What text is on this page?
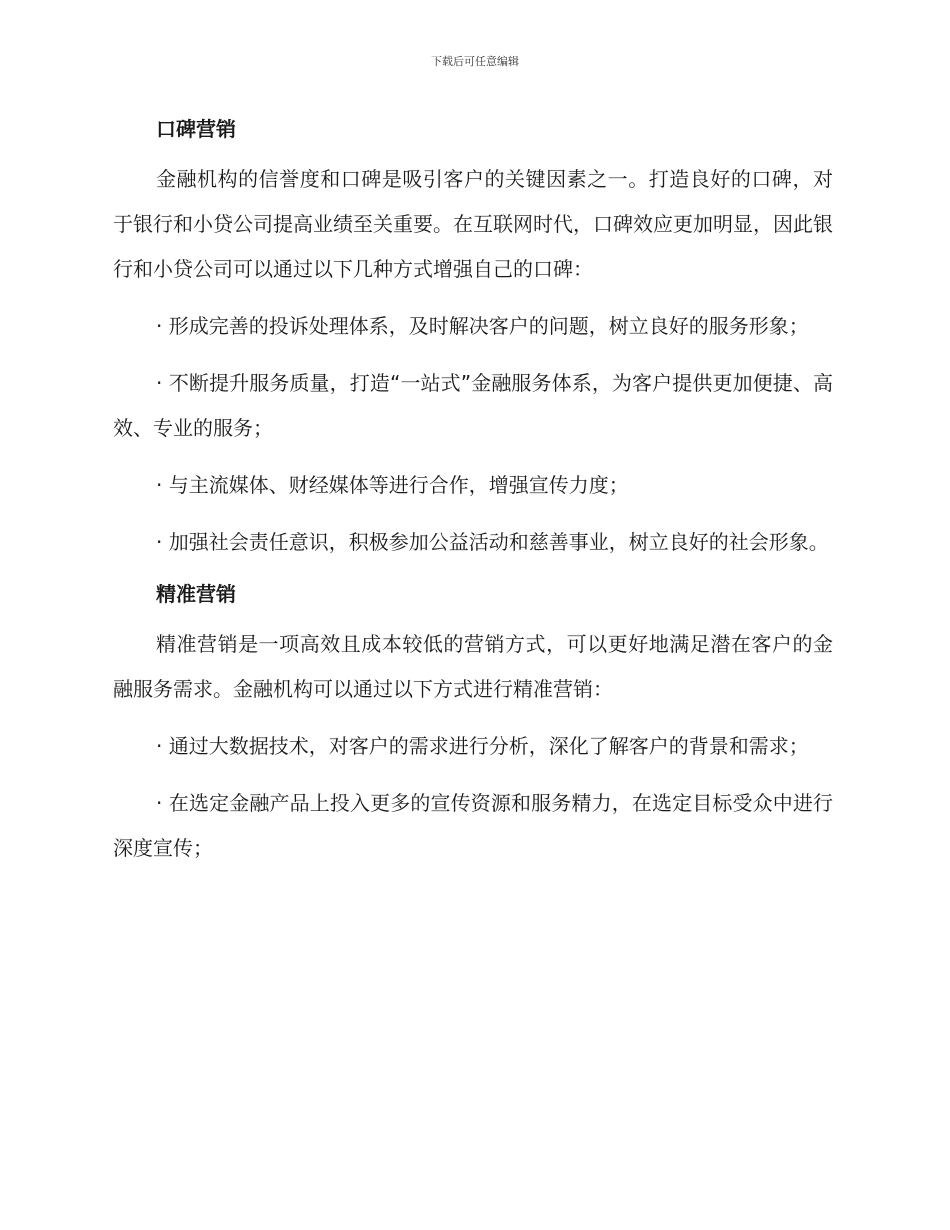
下载后可任意编辑
口碑营销

金融机构的信誉度和口碑是吸引客户的关键因素之一。打造良好的口碑，对于银行和小贷公司提高业绩至关重要。在互联网时代，口碑效应更加明显，因此银行和小贷公司可以通过以下几种方式增强自己的口碑：

· 形成完善的投诉处理体系，及时解决客户的问题，树立良好的服务形象；

· 不断提升服务质量，打造“一站式”金融服务体系，为客户提供更加便捷、高效、专业的服务；

· 与主流媒体、财经媒体等进行合作，增强宣传力度；

· 加强社会责任意识，积极参加公益活动和慈善事业，树立良好的社会形象。

精准营销

精准营销是一项高效且成本较低的营销方式，可以更好地满足潜在客户的金融服务需求。金融机构可以通过以下方式进行精准营销：

· 通过大数据技术，对客户的需求进行分析，深化了解客户的背景和需求；

· 在选定金融产品上投入更多的宣传资源和服务精力，在选定目标受众中进行深度宣传；
